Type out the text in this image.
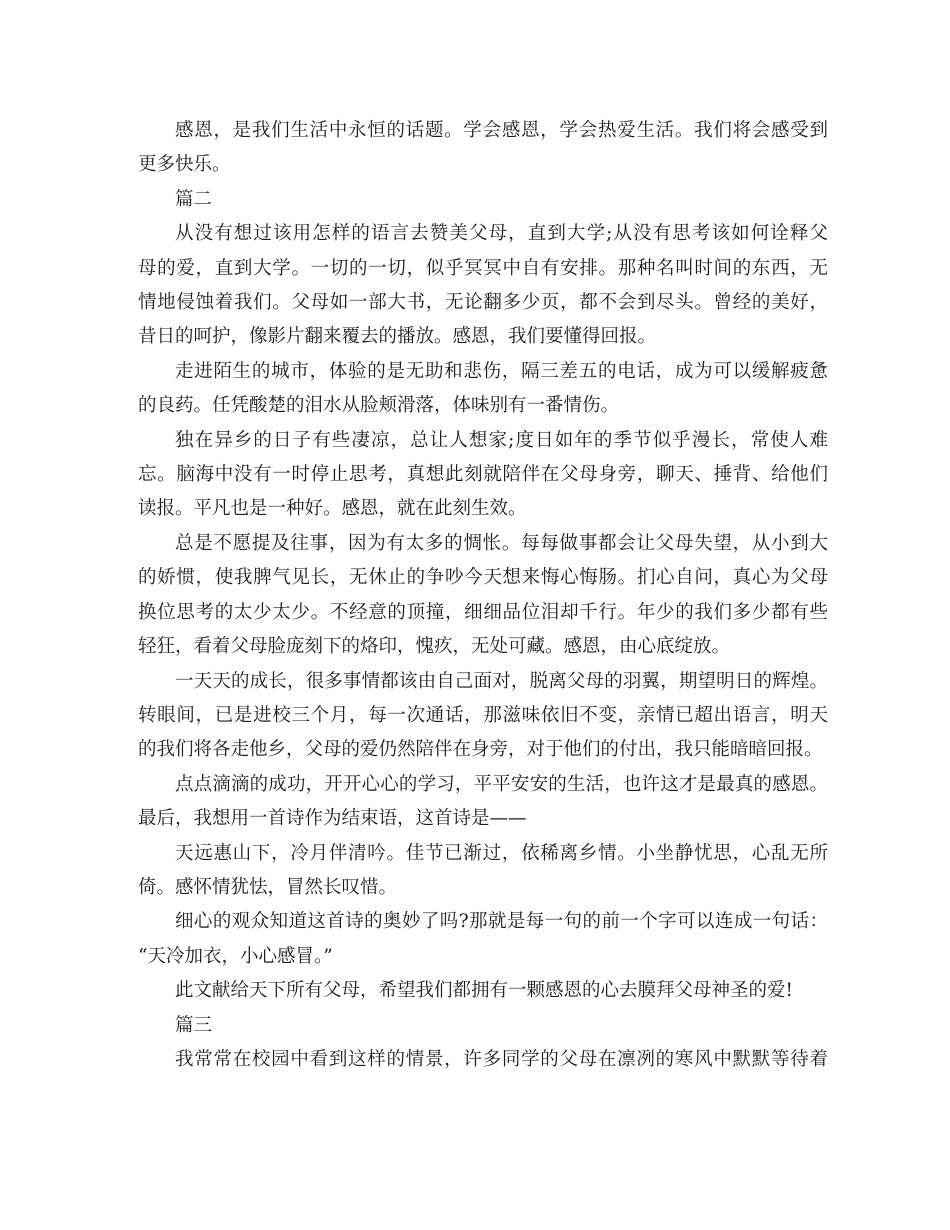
感恩，是我们生活中永恒的话题。学会感恩，学会热爱生活。我们将会感受到
更多快乐。
篇二
从没有想过该用怎样的语言去赞美父母，直到大学;从没有思考该如何诠释父
母的爱，直到大学。一切的一切，似乎冥冥中自有安排。那种名叫时间的东西，无
情地侵蚀着我们。父母如一部大书，无论翻多少页，都不会到尽头。曾经的美好，
昔日的呵护，像影片翻来覆去的播放。感恩，我们要懂得回报。
走进陌生的城市，体验的是无助和悲伤，隔三差五的电话，成为可以缓解疲惫
的良药。任凭酸楚的泪水从脸颊滑落，体味别有一番情伤。
独在异乡的日子有些凄凉，总让人想家;度日如年的季节似乎漫长，常使人难
忘。脑海中没有一时停止思考，真想此刻就陪伴在父母身旁，聊天、捶背、给他们
读报。平凡也是一种好。感恩，就在此刻生效。
总是不愿提及往事，因为有太多的惆怅。每每做事都会让父母失望，从小到大
的娇惯，使我脾气见长，无休止的争吵今天想来悔心悔肠。扪心自问，真心为父母
换位思考的太少太少。不经意的顶撞，细细品位泪却千行。年少的我们多少都有些
轻狂，看着父母脸庞刻下的烙印，愧疚，无处可藏。感恩，由心底绽放。
一天天的成长，很多事情都该由自己面对，脱离父母的羽翼，期望明日的辉煌。
转眼间，已是进校三个月，每一次通话，那滋味依旧不变，亲情已超出语言，明天
的我们将各走他乡，父母的爱仍然陪伴在身旁，对于他们的付出，我只能暗暗回报。
点点滴滴的成功，开开心心的学习，平平安安的生活，也许这才是最真的感恩。
最后，我想用一首诗作为结束语，这首诗是——
天远惠山下，冷月伴清吟。佳节已渐过，依稀离乡情。小坐静忧思，心乱无所
倚。感怀情犹怯，冒然长叹惜。
细心的观众知道这首诗的奥妙了吗?那就是每一句的前一个字可以连成一句话：
“天冷加衣，小心感冒。”
此文献给天下所有父母，希望我们都拥有一颗感恩的心去膜拜父母神圣的爱!
篇三
我常常在校园中看到这样的情景，许多同学的父母在凛冽的寒风中默默等待着
